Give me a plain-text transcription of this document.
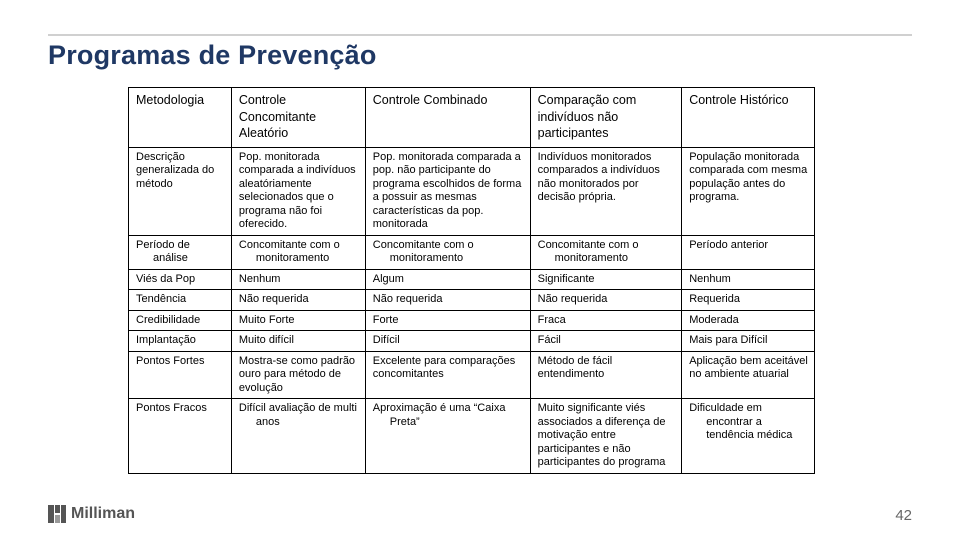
Programas de Prevenção
Metodologia	Controle Concomitante Aleatório	Controle Combinado	Comparação com indivíduos não participantes	Controle Histórico
Descrição generalizada do método	Pop. monitorada comparada a indivíduos aleatóriamente selecionados que o programa não foi oferecido.	Pop. monitorada comparada a pop. não participante do programa escolhidos de forma a possuir as mesmas características da pop. monitorada	Indivíduos monitorados comparados a indivíduos não monitorados por decisão própria.	População monitorada comparada com mesma população antes do programa.
Período de análise	Concomitante com o monitoramento	Concomitante com o monitoramento	Concomitante com o monitoramento	Período anterior
Viés da Pop	Nenhum	Algum	Significante	Nenhum
Tendência	Não requerida	Não requerida	Não requerida	Requerida
Credibilidade	Muito Forte	Forte	Fraca	Moderada
Implantação	Muito difícil	Difícil	Fácil	Mais para Difícil
Pontos Fortes	Mostra-se como padrão ouro para método de evolução	Excelente para comparações concomitantes	Método de fácil entendimento	Aplicação bem aceitável no ambiente atuarial
Pontos Fracos	Difícil avaliação de multi anos	Aproximação é uma “Caixa Preta”	Muito significante viés associados a diferença de motivação entre participantes e não participantes do programa	Dificuldade em encontrar a tendência médica
Milliman	42
